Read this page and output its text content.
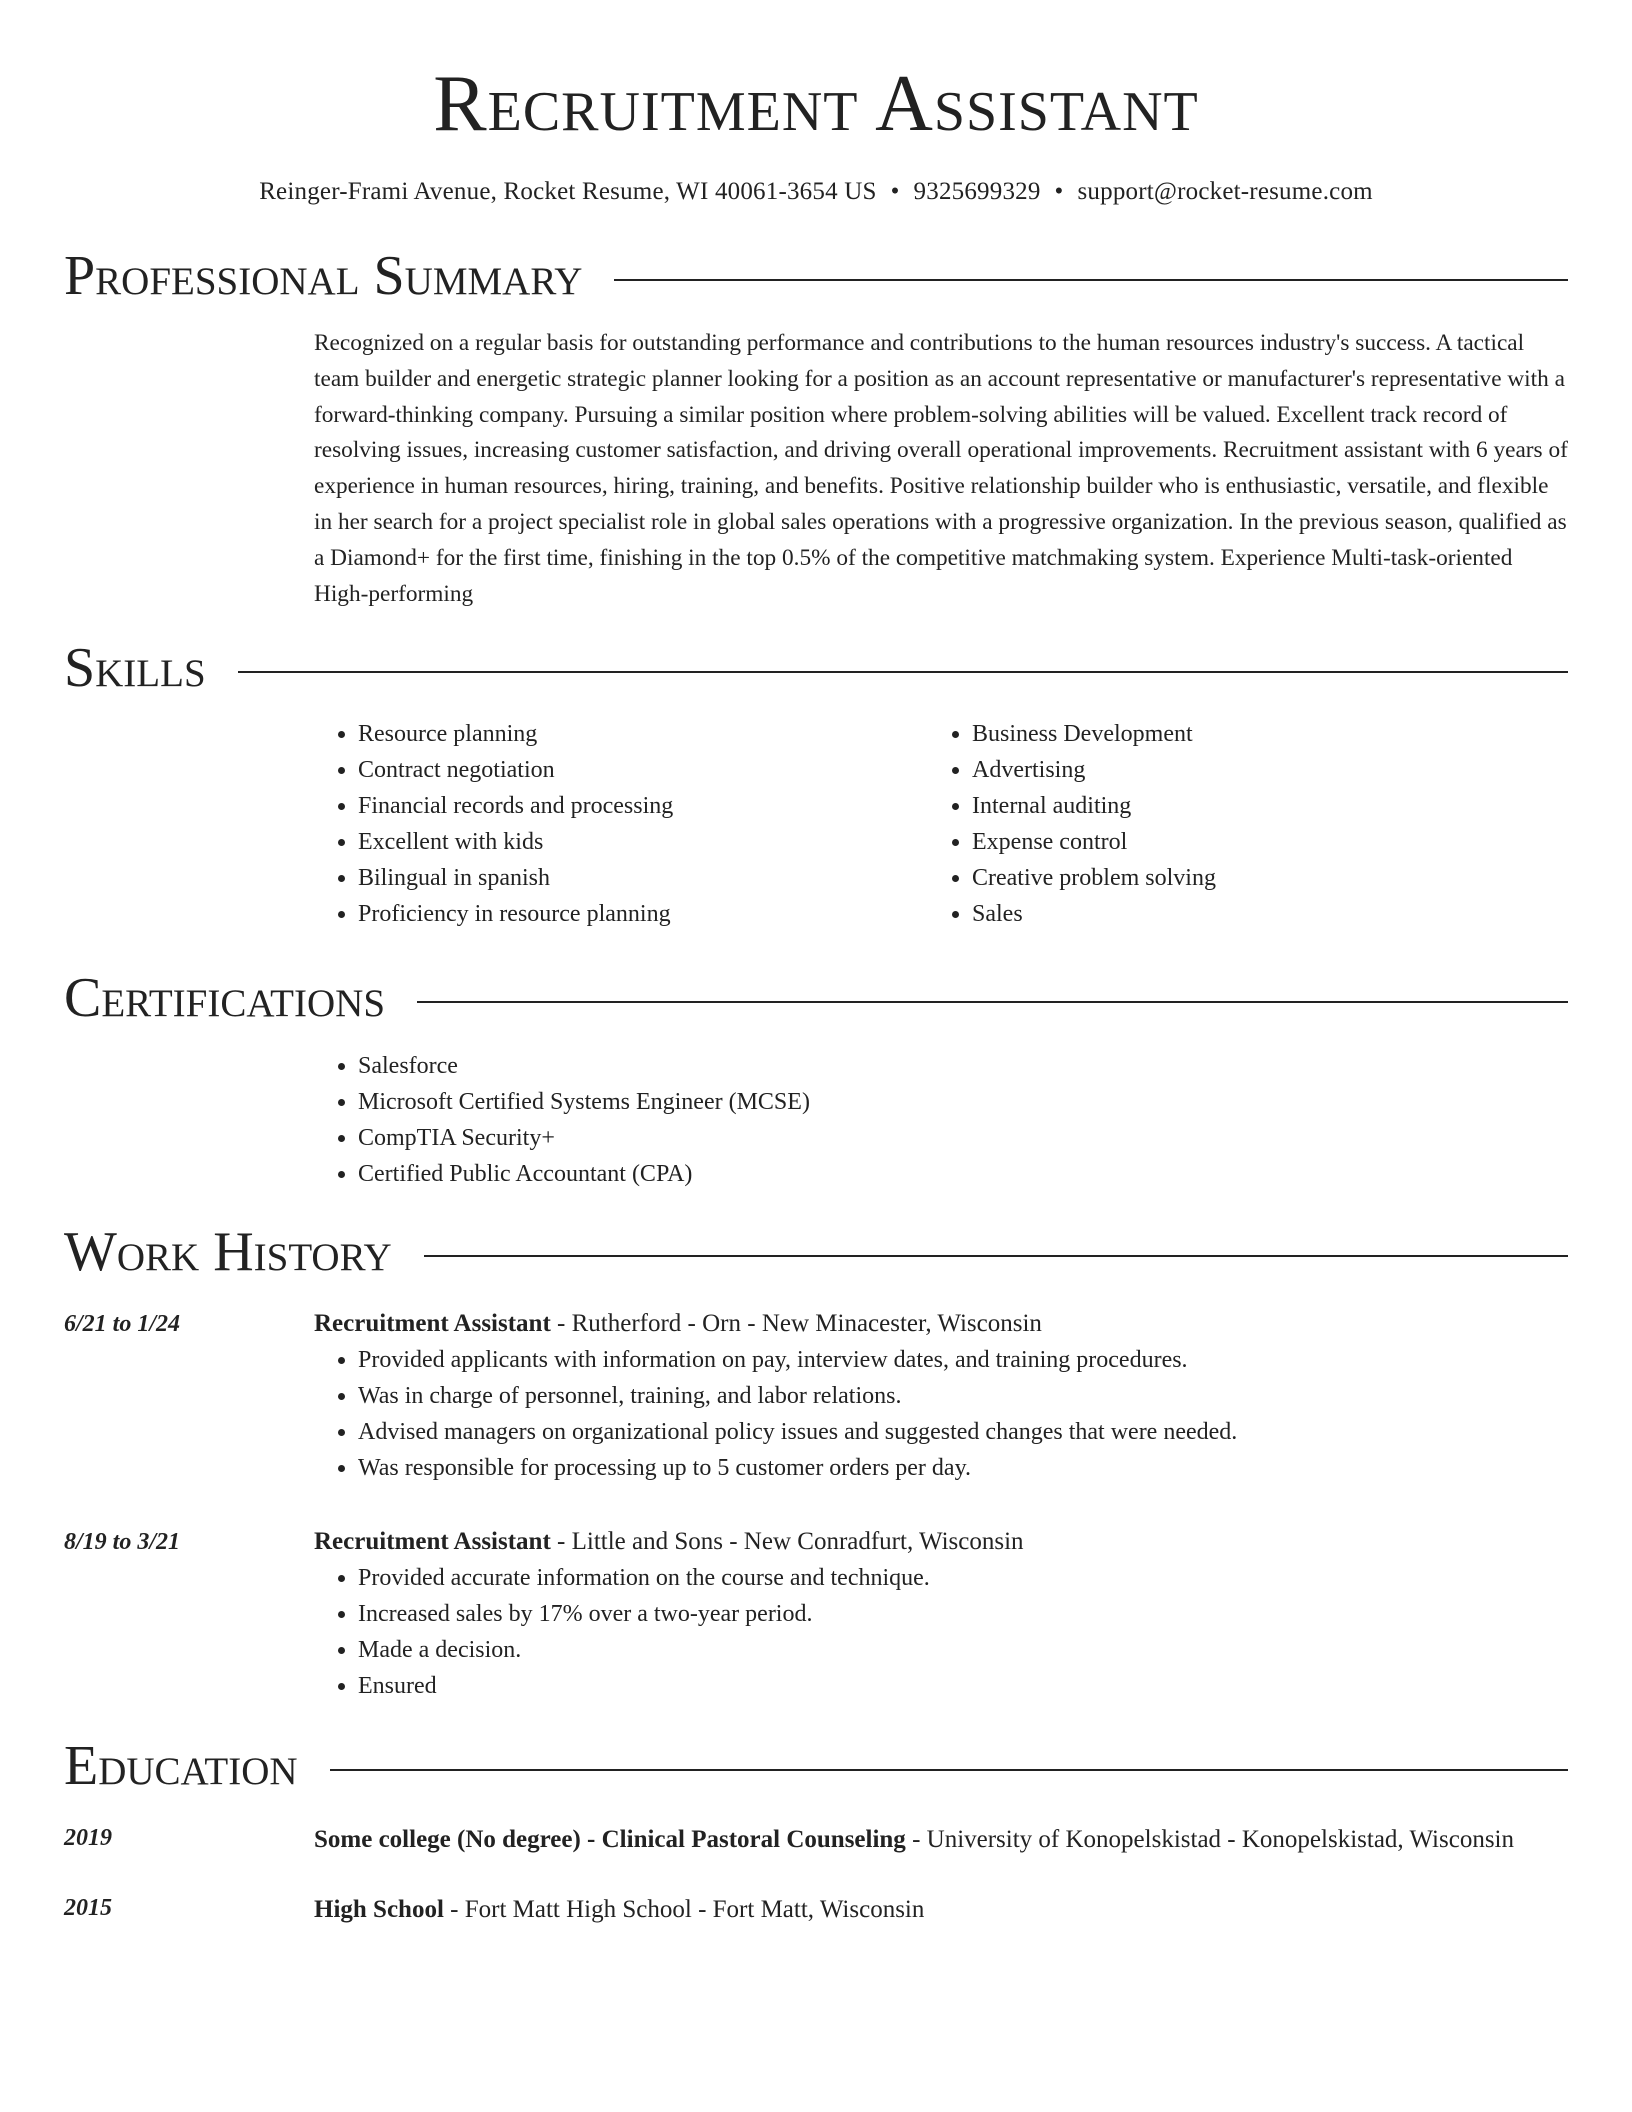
Recruitment Assistant
Reinger-Frami Avenue, Rocket Resume, WI 40061-3654 US • 9325699329 • support@rocket-resume.com
Professional Summary
Recognized on a regular basis for outstanding performance and contributions to the human resources industry's success. A tactical team builder and energetic strategic planner looking for a position as an account representative or manufacturer's representative with a forward-thinking company. Pursuing a similar position where problem-solving abilities will be valued. Excellent track record of resolving issues, increasing customer satisfaction, and driving overall operational improvements. Recruitment assistant with 6 years of experience in human resources, hiring, training, and benefits. Positive relationship builder who is enthusiastic, versatile, and flexible in her search for a project specialist role in global sales operations with a progressive organization. In the previous season, qualified as a Diamond+ for the first time, finishing in the top 0.5% of the competitive matchmaking system. Experience Multi-task-oriented High-performing
Skills
• Resource planning
• Contract negotiation
• Financial records and processing
• Excellent with kids
• Bilingual in spanish
• Proficiency in resource planning
• Business Development
• Advertising
• Internal auditing
• Expense control
• Creative problem solving
• Sales
Certifications
• Salesforce
• Microsoft Certified Systems Engineer (MCSE)
• CompTIA Security+
• Certified Public Accountant (CPA)
Work History
6/21 to 1/24	Recruitment Assistant - Rutherford - Orn - New Minacester, Wisconsin
• Provided applicants with information on pay, interview dates, and training procedures.
• Was in charge of personnel, training, and labor relations.
• Advised managers on organizational policy issues and suggested changes that were needed.
• Was responsible for processing up to 5 customer orders per day.
8/19 to 3/21	Recruitment Assistant - Little and Sons - New Conradfurt, Wisconsin
• Provided accurate information on the course and technique.
• Increased sales by 17% over a two-year period.
• Made a decision.
• Ensured
Education
2019	Some college (No degree) - Clinical Pastoral Counseling - University of Konopelskistad - Konopelskistad, Wisconsin
2015	High School - Fort Matt High School - Fort Matt, Wisconsin
